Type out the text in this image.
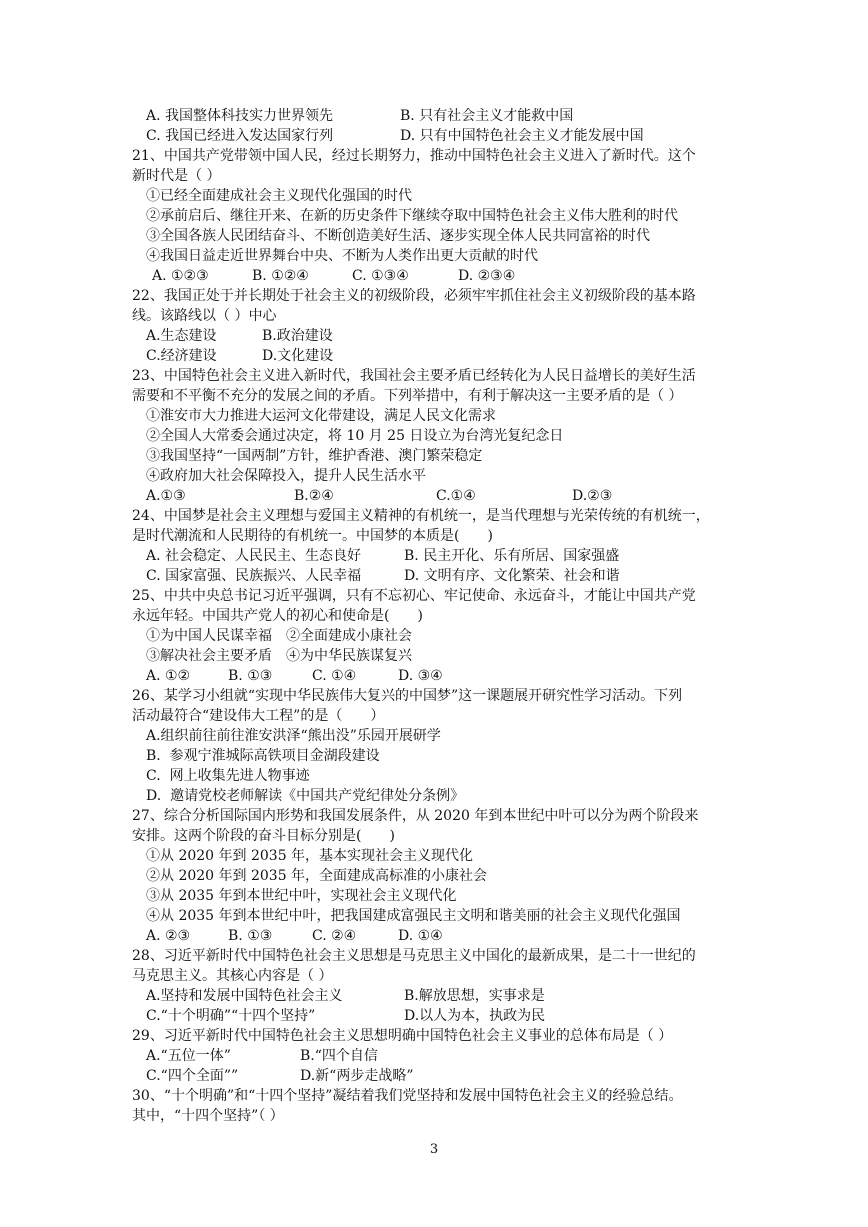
A. 我国整体科技实力世界领先	B. 只有社会主义才能救中国
C. 我国已经进入发达国家行列	D. 只有中国特色社会主义才能发展中国
21、中国共产党带领中国人民，经过长期努力，推动中国特色社会主义进入了新时代。这个
新时代是（ ）
①已经全面建成社会主义现代化强国的时代
②承前启后、继往开来、在新的历史条件下继续夺取中国特色社会主义伟大胜利的时代
③全国各族人民团结奋斗、不断创造美好生活、逐步实现全体人民共同富裕的时代
④我国日益走近世界舞台中央、不断为人类作出更大贡献的时代
A. ①②③	B. ①②④	C. ①③④	D. ②③④
22、我国正处于并长期处于社会主义的初级阶段，必须牢牢抓住社会主义初级阶段的基本路
线。该路线以（ ）中心
A.生态建设	B.政治建设
C.经济建设	D.文化建设
23、中国特色社会主义进入新时代，我国社会主要矛盾已经转化为人民日益增长的美好生活
需要和不平衡不充分的发展之间的矛盾。下列举措中，有利于解决这一主要矛盾的是（ ）
①淮安市大力推进大运河文化带建设，满足人民文化需求
②全国人大常委会通过决定，将 10 月 25 日设立为台湾光复纪念日
③我国坚持“一国两制”方针，维护香港、澳门繁荣稳定
④政府加大社会保障投入，提升人民生活水平
A.①③	B.②④	C.①④	D.②③
24、中国梦是社会主义理想与爱国主义精神的有机统一，是当代理想与光荣传统的有机统一，
是时代潮流和人民期待的有机统一。中国梦的本质是(　　)
A. 社会稳定、人民民主、生态良好	B. 民主开化、乐有所居、国家强盛
C. 国家富强、民族振兴、人民幸福	D. 文明有序、文化繁荣、社会和谐
25、中共中央总书记习近平强调，只有不忘初心、牢记使命、永远奋斗，才能让中国共产党
永远年轻。中国共产党人的初心和使命是(　　)
①为中国人民谋幸福　②全面建成小康社会
③解决社会主要矛盾　④为中华民族谋复兴
A. ①②	B. ①③	C. ①④	D. ③④
26、某学习小组就“实现中华民族伟大复兴的中国梦”这一课题展开研究性学习活动。下列
活动最符合“建设伟大工程”的是（　　）
A.组织前往前往淮安洪泽“熊出没”乐园开展研学
B.  参观宁淮城际高铁项目金湖段建设
C.  网上收集先进人物事迹
D.  邀请党校老师解读《中国共产党纪律处分条例》
27、综合分析国际国内形势和我国发展条件，从 2020 年到本世纪中叶可以分为两个阶段来
安排。这两个阶段的奋斗目标分别是(　　)
①从 2020 年到 2035 年，基本实现社会主义现代化
②从 2020 年到 2035 年，全面建成高标准的小康社会
③从 2035 年到本世纪中叶，实现社会主义现代化
④从 2035 年到本世纪中叶，把我国建成富强民主文明和谐美丽的社会主义现代化强国
A. ②③	B. ①③	C. ②④	D. ①④
28、习近平新时代中国特色社会主义思想是马克思主义中国化的最新成果，是二十一世纪的
马克思主义。其核心内容是（ ）
A.坚持和发展中国特色社会主义	B.解放思想，实事求是
C.“十个明确”“十四个坚持”	D.以人为本，执政为民
29、习近平新时代中国特色社会主义思想明确中国特色社会主义事业的总体布局是（ ）
A.“五位一体”	B.“四个自信
C.“四个全面””	D.新“两步走战略”
30、“十个明确”和“十四个坚持”凝结着我们党坚持和发展中国特色社会主义的经验总结。
其中，“十四个坚持”（ ）
3
